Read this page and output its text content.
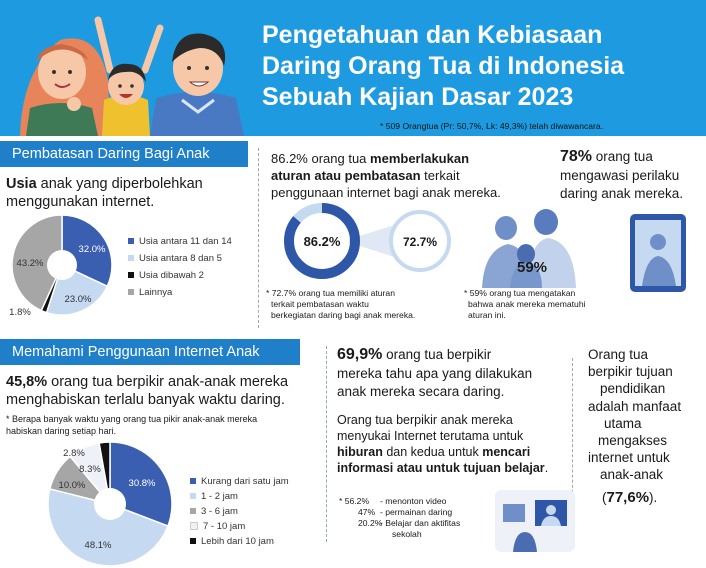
Pengetahuan dan Kebiasaan
Daring Orang Tua di Indonesia
Sebuah Kajian Dasar 2023
* 509 Orangtua (Pr: 50,7%, Lk: 49,3%) telah diwawancara.
Pembatasan Daring Bagi Anak
Usia anak yang diperbolehkan
menggunakan internet.
32.0%
23.0%
1.8%
43.2%
Usia antara 11 dan 14
Usia antara 8 dan 5
Usia dibawah 2
Lainnya
Memahami Penggunaan Internet Anak
45,8% orang tua berpikir anak-anak mereka
menghabiskan terlalu banyak waktu daring.
* Berapa banyak waktu yang orang tua pikir anak-anak mereka
habiskan daring setiap hari.
30.8%
48.1%
10.0%
8.3%
2.8%
Kurang dari satu jam
1 - 2 jam
3 - 6 jam
7 - 10 jam
Lebih dari 10 jam
86.2% orang tua memberlakukan
aturan atau pembatasan terkait
penggunaan internet bagi anak mereka.
86.2%	72.7%
* 72.7% orang tua memiliki aturan
terkait pembatasan waktu
berkegiatan daring bagi anak mereka.
78% orang tua
mengawasi perilaku
daring anak mereka.
59%
* 59% orang tua mengatakan
bahwa anak mereka mematuhi
aturan ini.
69,9% orang tua berpikir
mereka tahu apa yang dilakukan
anak mereka secara daring.
Orang tua berpikir anak mereka
menyukai Internet terutama untuk
hiburan dan kedua untuk mencari
informasi atau untuk tujuan belajar.
* 56.2% - menonton video
47% - permainan daring
20.2%
- Belajar dan aktifitas
sekolah
Orang tua
berpikir tujuan
pendidikan
adalah manfaat
utama
mengakses
internet untuk
anak-anak
(77,6%).
